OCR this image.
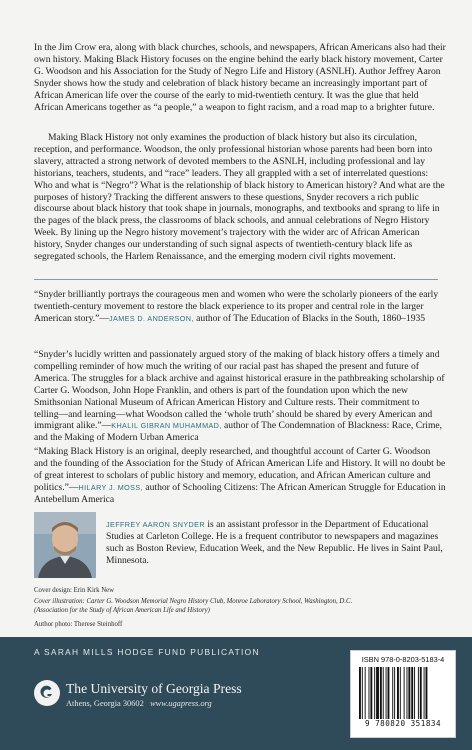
In the Jim Crow era, along with black churches, schools, and newspapers, African Americans also had their own history. Making Black History focuses on the engine behind the early black history movement, Carter G. Woodson and his Association for the Study of Negro Life and History (ASNLH). Author Jeffrey Aaron Snyder shows how the study and celebration of black history became an increasingly important part of African American life over the course of the early to mid-twentieth century. It was the glue that held African Americans together as “a people,” a weapon to fight racism, and a road map to a brighter future.

Making Black History not only examines the production of black history but also its circulation, reception, and performance. Woodson, the only professional historian whose parents had been born into slavery, attracted a strong network of devoted members to the ASNLH, including professional and lay historians, teachers, students, and “race” leaders. They all grappled with a set of interrelated questions: Who and what is “Negro”? What is the relationship of black history to American history? And what are the purposes of history? Tracking the different answers to these questions, Snyder recovers a rich public discourse about black history that took shape in journals, monographs, and textbooks and sprang to life in the pages of the black press, the classrooms of black schools, and annual celebrations of Negro History Week. By lining up the Negro history movement’s trajectory with the wider arc of African American history, Snyder changes our understanding of such signal aspects of twentieth-century black life as segregated schools, the Harlem Renaissance, and the emerging modern civil rights movement.

“Snyder brilliantly portrays the courageous men and women who were the scholarly pioneers of the early twentieth-century movement to restore the black experience to its proper and central role in the larger American story.”—JAMES D. ANDERSON, author of The Education of Blacks in the South, 1860–1935

“Snyder’s lucidly written and passionately argued story of the making of black history offers a timely and compelling reminder of how much the writing of our racial past has shaped the present and future of America. The struggles for a black archive and against historical erasure in the pathbreaking scholarship of Carter G. Woodson, John Hope Franklin, and others is part of the foundation upon which the new Smithsonian National Museum of African American History and Culture rests. Their commitment to telling—and learning—what Woodson called the ‘whole truth’ should be shared by every American and immigrant alike.”—KHALIL GIBRAN MUHAMMAD, author of The Condemnation of Blackness: Race, Crime, and the Making of Modern Urban America

“Making Black History is an original, deeply researched, and thoughtful account of Carter G. Woodson and the founding of the Association for the Study of African American Life and History. It will no doubt be of great interest to scholars of public history and memory, education, and African American culture and politics.”—HILARY J. MOSS, author of Schooling Citizens: The African American Struggle for Education in Antebellum America

JEFFREY AARON SNYDER is an assistant professor in the Department of Educational Studies at Carleton College. He is a frequent contributor to newspapers and magazines such as Boston Review, Education Week, and the New Republic. He lives in Saint Paul, Minnesota.

Cover design: Erin Kirk New
Cover illustration: Carter G. Woodson Memorial Negro History Club, Monroe Laboratory School, Washington, D.C. (Association for the Study of African American Life and History)
Author photo: Therese Steinhoff
A SARAH MILLS HODGE FUND PUBLICATION
The University of Georgia Press
Athens, Georgia 30602 www.ugapress.org
ISBN 978-0-8203-5183-4
9 780820 351834
